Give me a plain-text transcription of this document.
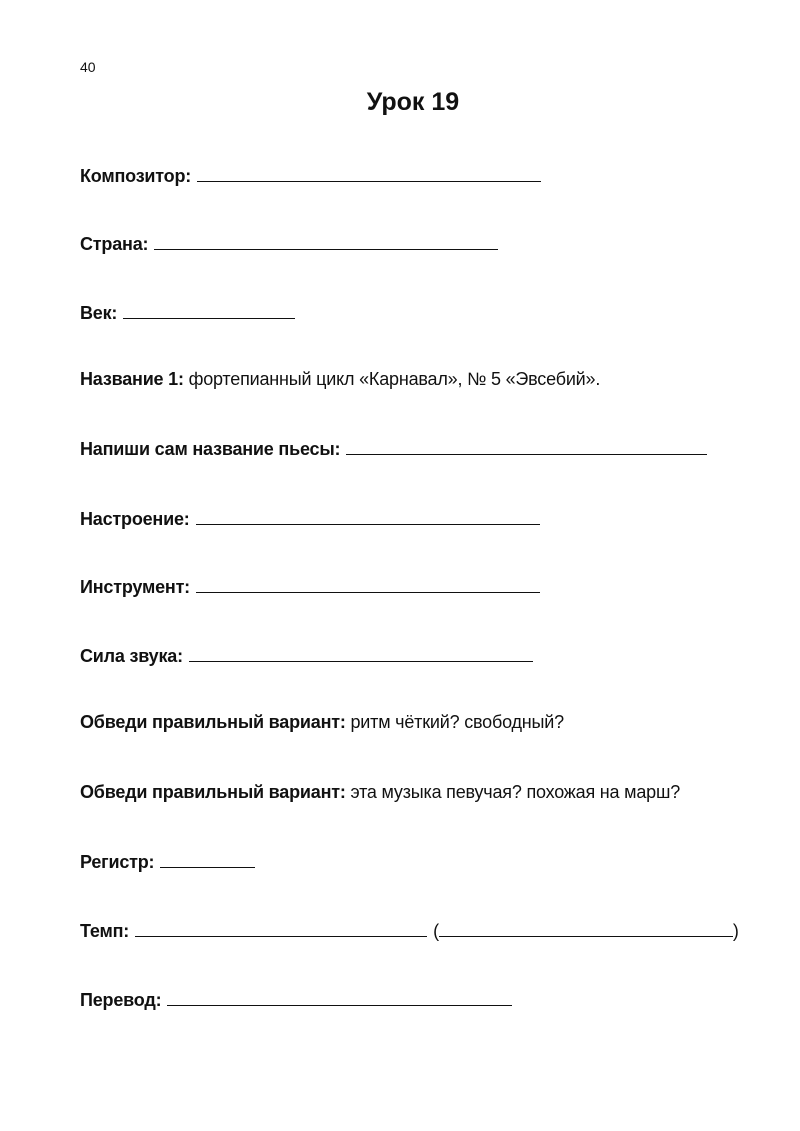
40
Урок 19
Композитор:
Страна:
Век:
Название 1: фортепианный цикл «Карнавал», № 5 «Эвсебий».
Напиши сам название пьесы:
Настроение:
Инструмент:
Сила звука:
Обведи правильный вариант: ритм чёткий? свободный?
Обведи правильный вариант: эта музыка певучая? похожая на марш?
Регистр:
Темп:	(	)
Перевод:
